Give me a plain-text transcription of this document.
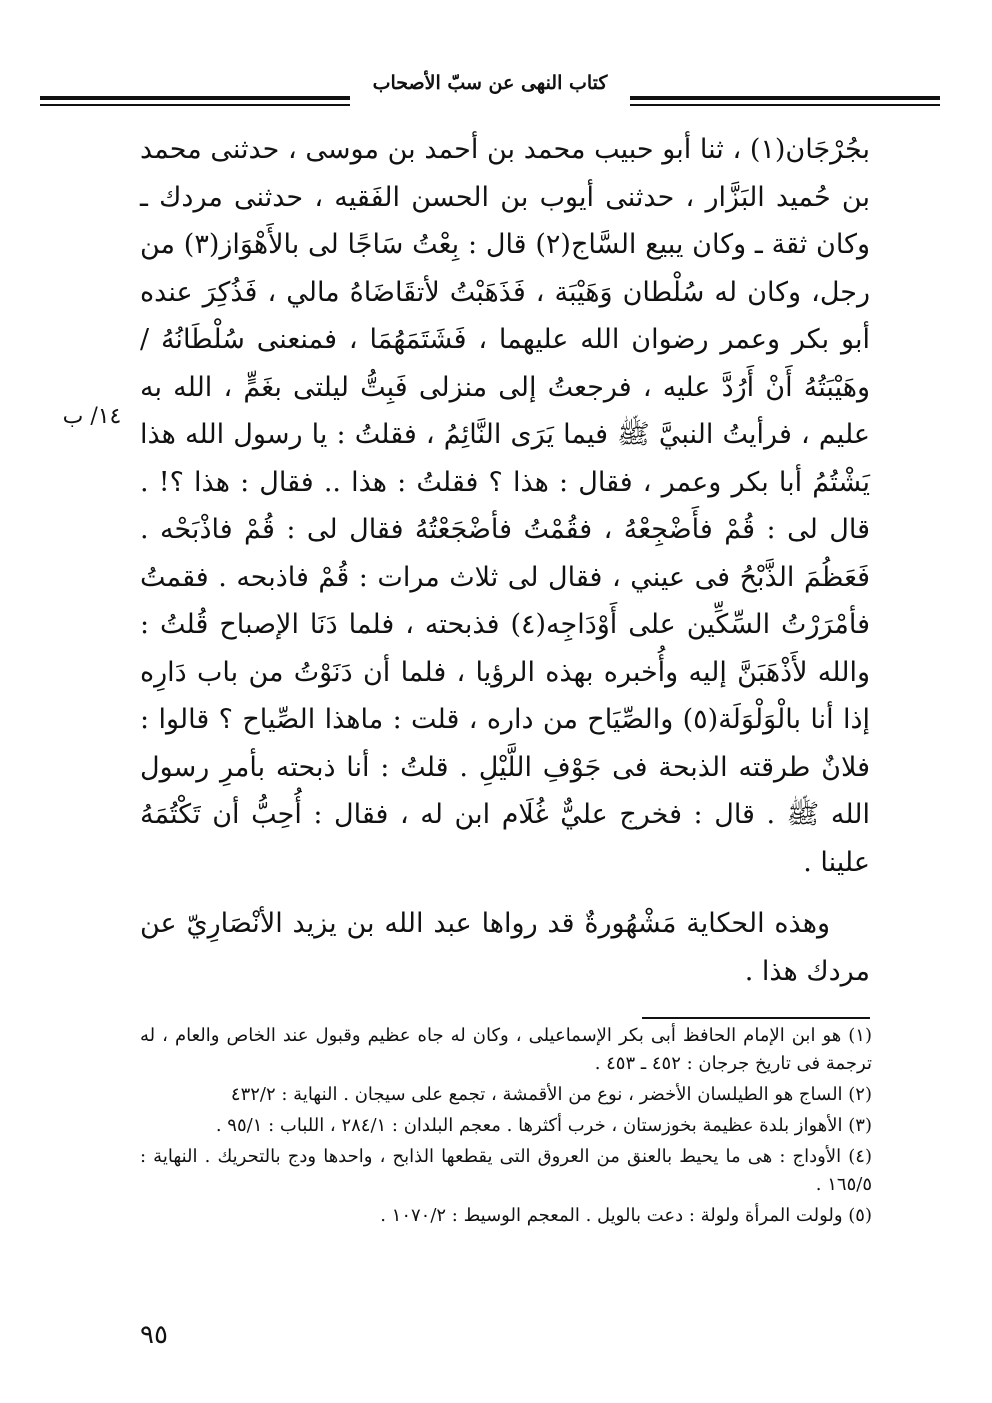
كتاب النهى عن سبّ الأصحاب
١٤/ ب

بجُرْجَان(١) ، ثنا أبو حبيب محمد بن أحمد بن موسى ، حدثنى محمد بن حُميد البَزَّار ، حدثنى أيوب بن الحسن الفَقيه ، حدثنى مردك ـ وكان ثقة ـ وكان يبيع السَّاج(٢) قال : بِعْتُ سَاجًا لى بالأَهْوَاز(٣) من رجل، وكان له سُلْطان وَهَيْبَة ، فَذَهَبْتُ لأتقَاضَاهُ مالي ، فَذُكِرَ عنده أبو بكر وعمر رضوان الله عليهما ، فَشَتَمَهُمَا ، فمنعنى سُلْطَانُهُ / وهَيْبَتُهُ أَنْ أَرُدَّ عليه ، فرجعتُ إلى منزلى فَبِتُّ ليلتى بغَمٍّ ، الله به عليم ، فرأيتُ النبيَّ ﷺ فيما يَرَى النَّائِمُ ، فقلتُ : يا رسول الله هذا يَشْتُمُ أبا بكر وعمر ، فقال : هذا ؟ فقلتُ : هذا .. فقال : هذا ؟! . قال لى : قُمْ فأَضْجِعْهُ ، فقُمْتُ فأضْجَعْتُهُ فقال لى : قُمْ فاذْبَحْه . فَعَظُمَ الذَّبْحُ فى عيني ، فقال لى ثلاث مرات : قُمْ فاذبحه . فقمتُ فأمْرَرْتُ السِّكِّين على أَوْدَاجِه(٤) فذبحته ، فلما دَنَا الإصباح قُلتُ : والله لأَذْهَبَنَّ إليه وأُخبره بهذه الرؤيا ، فلما أن دَنَوْتُ من باب دَارِه إذا أنا بالْوَلْوَلَة(٥) والصِّيَاح من داره ، قلت : ماهذا الصِّياح ؟ قالوا : فلانٌ طرقته الذبحة فى جَوْفِ اللَّيْلِ . قلتُ : أنا ذبحته بأمرِ رسول الله ﷺ . قال : فخرج عليٌّ غُلَام ابن له ، فقال : أُحِبُّ أن تَكْتُمَهُ علينا .

وهذه الحكاية مَشْهُورةٌ قد رواها عبد الله بن يزيد الأنْصَارِيّ عن مردك هذا .

(١) هو ابن الإمام الحافظ أبى بكر الإسماعيلى ، وكان له جاه عظيم وقبول عند الخاص والعام ، له ترجمة فى تاريخ جرجان : ٤٥٢ ـ ٤٥٣ .

(٢) الساج هو الطيلسان الأخضر ، نوع من الأقمشة ، تجمع على سيجان . النهاية : ٤٣٢/٢

(٣) الأهواز بلدة عظيمة بخوزستان ، خرب أكثرها . معجم البلدان : ٢٨٤/١ ، اللباب : ٩٥/١ .

(٤) الأوداج : هى ما يحيط بالعنق من العروق التى يقطعها الذابح ، واحدها ودج بالتحريك . النهاية : ١٦٥/٥ .

(٥) ولولت المرأة ولولة : دعت بالويل . المعجم الوسيط : ١٠٧٠/٢ .

٩٥
